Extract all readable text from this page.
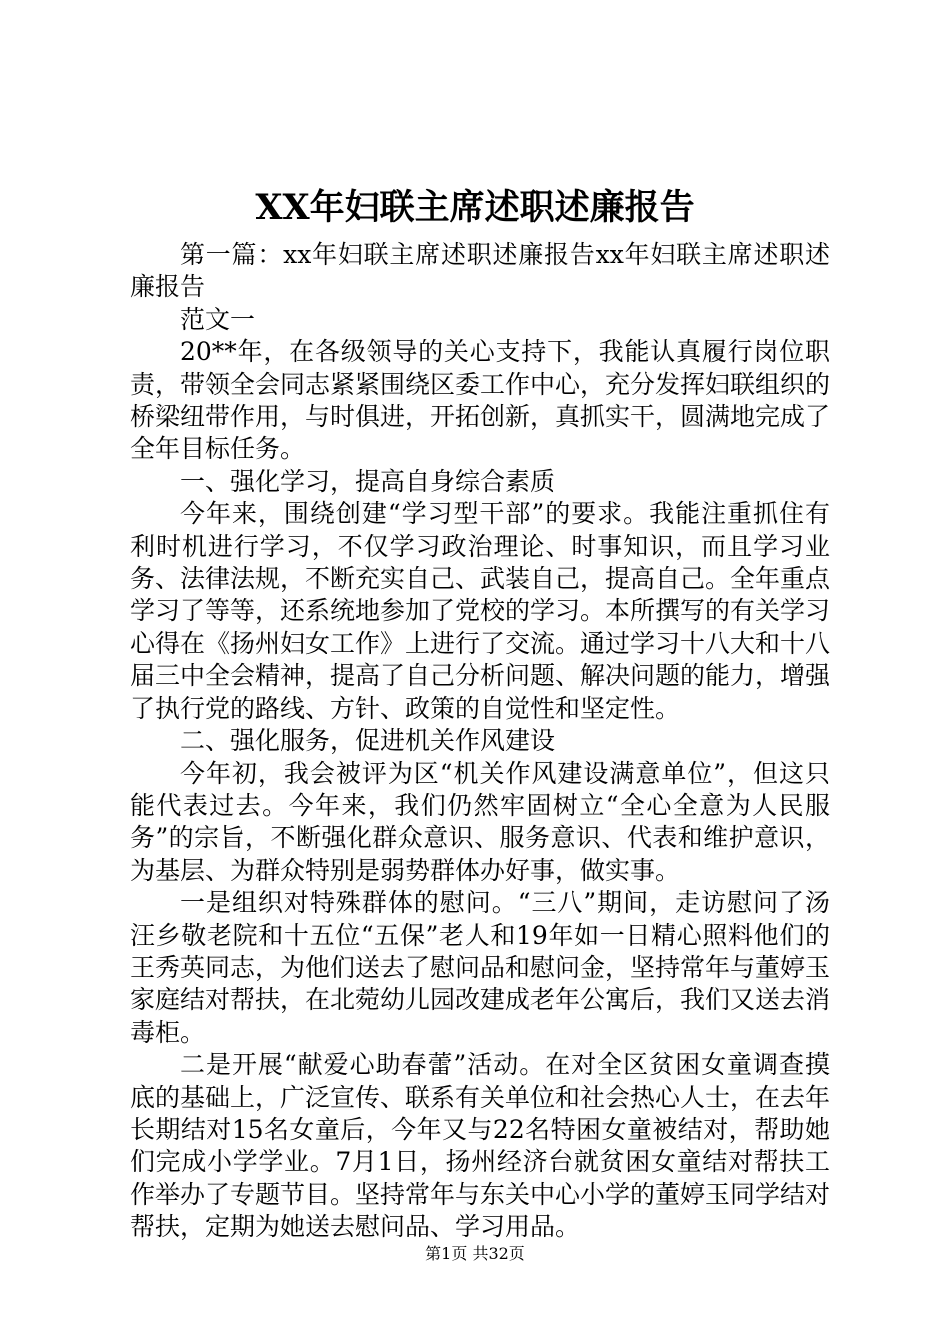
XX年妇联主席述职述廉报告

第一篇：xx年妇联主席述职述廉报告xx年妇联主席述职述廉报告

范文一

20**年，在各级领导的关心支持下，我能认真履行岗位职责，带领全会同志紧紧围绕区委工作中心，充分发挥妇联组织的桥梁纽带作用，与时俱进，开拓创新，真抓实干，圆满地完成了全年目标任务。

一、强化学习，提高自身综合素质

今年来，围绕创建“学习型干部”的要求。我能注重抓住有利时机进行学习，不仅学习政治理论、时事知识，而且学习业务、法律法规，不断充实自己、武装自己，提高自己。全年重点学习了等等，还系统地参加了党校的学习。本所撰写的有关学习心得在《扬州妇女工作》上进行了交流。通过学习十八大和十八届三中全会精神，提高了自己分析问题、解决问题的能力，增强了执行党的路线、方针、政策的自觉性和坚定性。

二、强化服务，促进机关作风建设

今年初，我会被评为区“机关作风建设满意单位”，但这只能代表过去。今年来，我们仍然牢固树立“全心全意为人民服务”的宗旨，不断强化群众意识、服务意识、代表和维护意识，为基层、为群众特别是弱势群体办好事，做实事。

一是组织对特殊群体的慰问。“三八”期间，走访慰问了汤汪乡敬老院和十五位“五保”老人和19年如一日精心照料他们的王秀英同志，为他们送去了慰问品和慰问金，坚持常年与董婷玉家庭结对帮扶，在北菀幼儿园改建成老年公寓后，我们又送去消毒柜。

二是开展“献爱心助春蕾”活动。在对全区贫困女童调查摸底的基础上，广泛宣传、联系有关单位和社会热心人士，在去年长期结对15名女童后，今年又与22名特困女童被结对，帮助她们完成小学学业。7月1日，扬州经济台就贫困女童结对帮扶工作举办了专题节目。坚持常年与东关中心小学的董婷玉同学结对帮扶，定期为她送去慰问品、学习用品。

第1页 共32页
